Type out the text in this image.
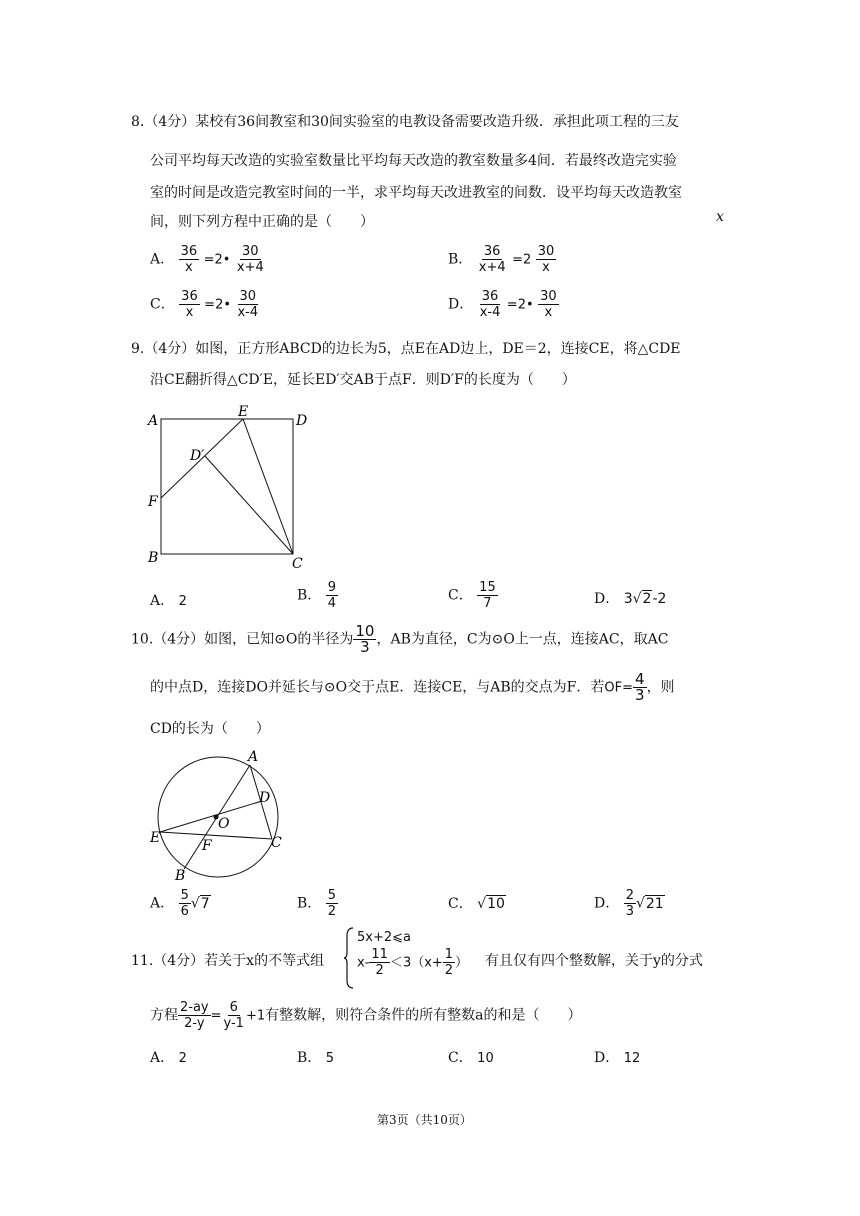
8.（4分）某校有36间教室和30间实验室的电教设备需要改造升级．承担此项工程的三友
公司平均每天改造的实验室数量比平均每天改造的教室数量多4间．若最终改造完实验
室的时间是改造完教室时间的一半，求平均每天改进教室的间数．设平均每天改造教室
x
间，则下列方程中正确的是（　　）
A． $\frac{36}{x}$ =2• $\frac{30}{x+4}$	B． $\frac{36}{x+4} =2 \frac{30}{x}$
C． $\frac{36}{x}$ =2• $\frac{30}{x-4}$	D． $\frac{36}{x-4}$ =2• $\frac{30}{x}$
9.（4分）如图，正方形ABCD的边长为5，点E在AD边上，DE＝2，连接CE，将△CDE
沿CE翻折得△CD′E，延长ED′交AB于点F．则D′F的长度为（　　）
A
E
D
D′
F
B	C
A． 2	B． $\frac{9}{4}$	C． $\frac{15}{7}$	D． 3√2-2
10.（4分）如图，已知⊙O的半径为 $\frac{10}{3}$ ，AB为直径，C为⊙O上一点，连接AC，取AC
的中点D，连接DO并延长与⊙O交于点E．连接CE，与AB的交点为F．若$OF= \frac{4}{3}$ ，则
CD的长为（　　）
A
D
O
E	F	C
B
A． $\frac{5}{6} √7$	B． $\frac{5}{2}$	C． √10	D． $\frac{2}{3} √21$
11.（4分）若关于x的不等式组
5x+2⩽a
$x- \frac{11}{2} <3(x+ \frac{1}{2}$ ） 有且仅有四个整数解，关于y的分式
方程 $\frac{2-ay}{2-y} = \frac{6}{y-1} +1$有整数解，则符合条件的所有整数a的和是（　　）
A． 2	B． 5	C． 10	D． 12
第3页（共10页）
